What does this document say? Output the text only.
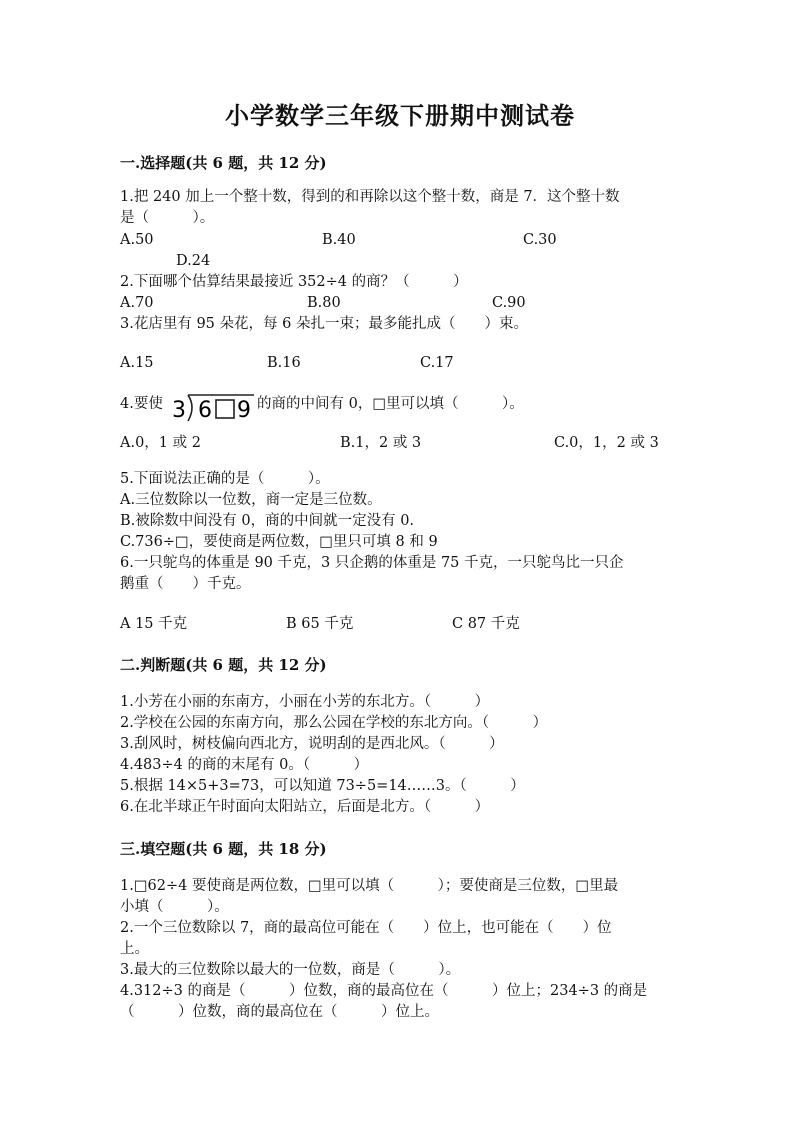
小学数学三年级下册期中测试卷
一.选择题(共 6 题，共 12 分)
1.把 240 加上一个整十数，得到的和再除以这个整十数，商是 7．这个整十数
是（　　　）。
A.50	B.40	C.30
D.24
2.下面哪个估算结果最接近 352÷4 的商？（　　　）
A.70	B.80	C.90
3.花店里有 95 朵花，每 6 朵扎一束；最多能扎成（　　）束。
A.15	B.16	C.17
4.要使 3 6 9 的商的中间有 0，□里可以填（　　　）。
A.0，1 或 2	B.1，2 或 3	C.0，1，2 或 3
5.下面说法正确的是（　　　）。
A.三位数除以一位数，商一定是三位数。
B.被除数中间没有 0，商的中间就一定没有 0.
C.736÷□，要使商是两位数，□里只可填 8 和 9
6.一只鸵鸟的体重是 90 千克，3 只企鹅的体重是 75 千克，一只鸵鸟比一只企
鹅重（　　）千克。
A 15 千克	B 65 千克	C 87 千克
二.判断题(共 6 题，共 12 分)
1.小芳在小丽的东南方，小丽在小芳的东北方。（　　　）
2.学校在公园的东南方向，那么公园在学校的东北方向。（　　　）
3.刮风时，树枝偏向西北方，说明刮的是西北风。（　　　）
4.483÷4 的商的末尾有 0。（　　　）
5.根据 14×5+3=73，可以知道 73÷5=14……3。（　　　）
6.在北半球正午时面向太阳站立，后面是北方。（　　　）
三.填空题(共 6 题，共 18 分)
1.□62÷4 要使商是两位数，□里可以填（　　　）；要使商是三位数，□里最
小填（　　　）。
2.一个三位数除以 7，商的最高位可能在（　　）位上，也可能在（　　）位
上。
3.最大的三位数除以最大的一位数，商是（　　　）。
4.312÷3 的商是（　　　）位数，商的最高位在（　　　）位上；234÷3 的商是
（　　　）位数，商的最高位在（　　　）位上。
